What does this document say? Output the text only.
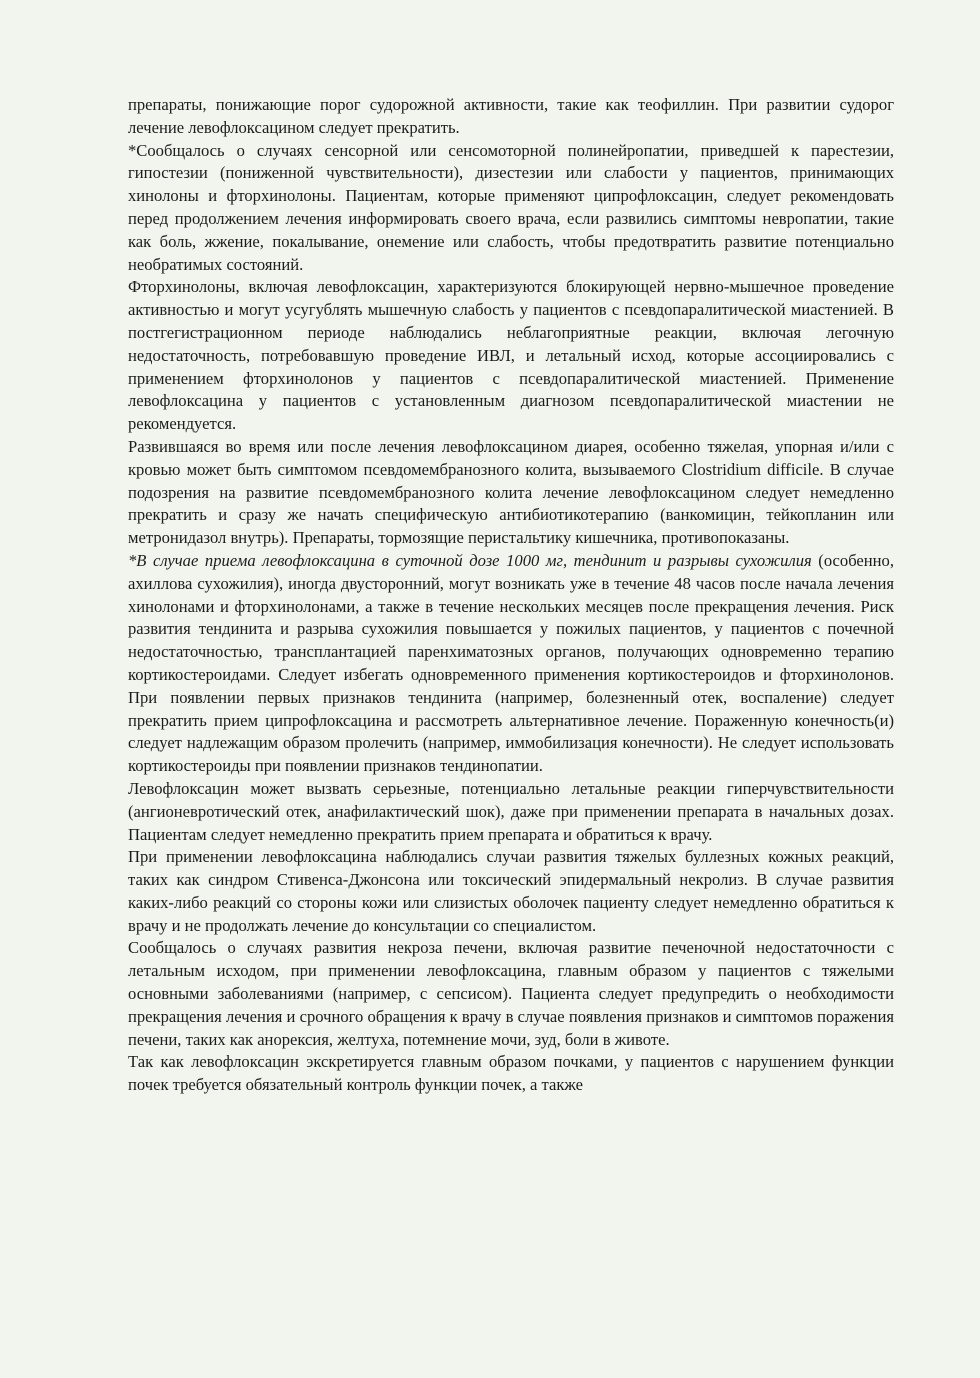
препараты, понижающие порог судорожной активности, такие как теофиллин. При развитии судорог лечение левофлоксацином следует прекратить.

*Сообщалось о случаях сенсорной или сенсомоторной полинейропатии, приведшей к парестезии, гипостезии (пониженной чувствительности), дизестезии или слабости у пациентов, принимающих хинолоны и фторхинолоны. Пациентам, которые применяют ципрофлоксацин, следует рекомендовать перед продолжением лечения информировать своего врача, если развились симптомы невропатии, такие как боль, жжение, покалывание, онемение или слабость, чтобы предотвратить развитие потенциально необратимых состояний.

Фторхинолоны, включая левофлоксацин, характеризуются блокирующей нервно-мышечное проведение активностью и могут усугублять мышечную слабость у пациентов с псевдопаралитической миастенией. В постгегистрационном периоде наблюдались неблагоприятные реакции, включая легочную недостаточность, потребовавшую проведение ИВЛ, и летальный исход, которые ассоциировались с применением фторхинолонов у пациентов с псевдопаралитической миастенией. Применение левофлоксацина у пациентов с установленным диагнозом псевдопаралитической миастении не рекомендуется.

Развившаяся во время или после лечения левофлоксацином диарея, особенно тяжелая, упорная и/или с кровью может быть симптомом псевдомембранозного колита, вызываемого Clostridium difficile. В случае подозрения на развитие псевдомембранозного колита лечение левофлоксацином следует немедленно прекратить и сразу же начать специфическую антибиотикотерапию (ванкомицин, тейкопланин или метронидазол внутрь). Препараты, тормозящие перистальтику кишечника, противопоказаны.

*В случае приема левофлоксацина в суточной дозе 1000 мг, тендинит и разрывы сухожилия (особенно, ахиллова сухожилия), иногда двусторонний, могут возникать уже в течение 48 часов после начала лечения хинолонами и фторхинолонами, а также в течение нескольких месяцев после прекращения лечения. Риск развития тендинита и разрыва сухожилия повышается у пожилых пациентов, у пациентов с почечной недостаточностью, трансплантацией паренхиматозных органов, получающих одновременно терапию кортикостероидами. Следует избегать одновременного применения кортикостероидов и фторхинолонов. При появлении первых признаков тендинита (например, болезненный отек, воспаление) следует прекратить прием ципрофлоксацина и рассмотреть альтернативное лечение. Пораженную конечность(и) следует надлежащим образом пролечить (например, иммобилизация конечности). Не следует использовать кортикостероиды при появлении признаков тендинопатии.

Левофлоксацин может вызвать серьезные, потенциально летальные реакции гиперчувствительности (ангионевротический отек, анафилактический шок), даже при применении препарата в начальных дозах. Пациентам следует немедленно прекратить прием препарата и обратиться к врачу.

При применении левофлоксацина наблюдались случаи развития тяжелых буллезных кожных реакций, таких как синдром Стивенса-Джонсона или токсический эпидермальный некролиз. В случае развития каких-либо реакций со стороны кожи или слизистых оболочек пациенту следует немедленно обратиться к врачу и не продолжать лечение до консультации со специалистом.

Сообщалось о случаях развития некроза печени, включая развитие печеночной недостаточности с летальным исходом, при применении левофлоксацина, главным образом у пациентов с тяжелыми основными заболеваниями (например, с сепсисом). Пациента следует предупредить о необходимости прекращения лечения и срочного обращения к врачу в случае появления признаков и симптомов поражения печени, таких как анорексия, желтуха, потемнение мочи, зуд, боли в животе.

Так как левофлоксацин экскретируется главным образом почками, у пациентов с нарушением функции почек требуется обязательный контроль функции почек, а также
